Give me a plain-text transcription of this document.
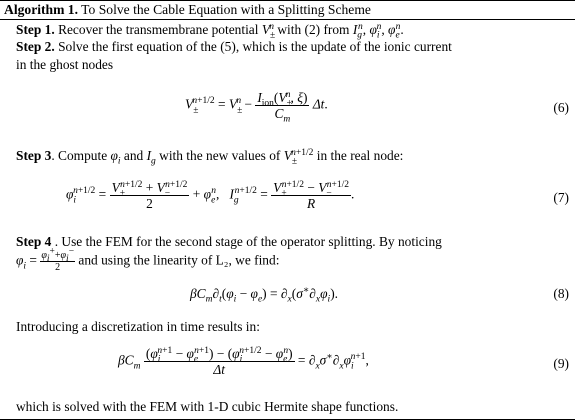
Algorithm 1. To Solve the Cable Equation with a Splitting Scheme
Step 1. Recover the transmembrane potential $V_\pm^n$ with (2) from $I_g^n$, $\varphi_i^n$, $\varphi_e^n$.
Step 2. Solve the first equation of the (5), which is the update of the ionic current
in the ghost nodes
$V_\pm^{n+1/2} = V_\pm^n - \frac{I_{ion}(V_\pm^n, \xi)}{C_m} \Delta t$.	(6)
Step 3. Compute $\varphi_i$ and $I_g$ with the new values of $V_\pm^{n+1/2}$ in the real node:
$\varphi_i^{n+1/2} = \frac{V_+^{n+1/2} + V_-^{n+1/2}}{2} + \varphi_e^n$,   $I_g^{n+1/2} = \frac{V_+^{n+1/2} - V_-^{n+1/2}}{R}$ .	(7)
Step 4 . Use the FEM for the second stage of the operator splitting. By noticing
$\varphi_i = \frac{\varphi_i^++\varphi_i^-}{2}$ and using the linearity of L₂, we find:
$\beta C_m\partial_t(\varphi_i - \varphi_e) = \partial_x(\sigma^∗\partial_x\varphi_i)$.	(8)
Introducing a discretization in time results in:
$\beta C_m \frac{(\varphi_i^{n+1} - \varphi_e^{n+1}) - (\varphi_i^{n+1/2} - \varphi_e^n)}{\Delta t} = \partial_x\sigma^∗\partial_x\varphi_i^{n+1}$,	(9)
which is solved with the FEM with 1-D cubic Hermite shape functions.
